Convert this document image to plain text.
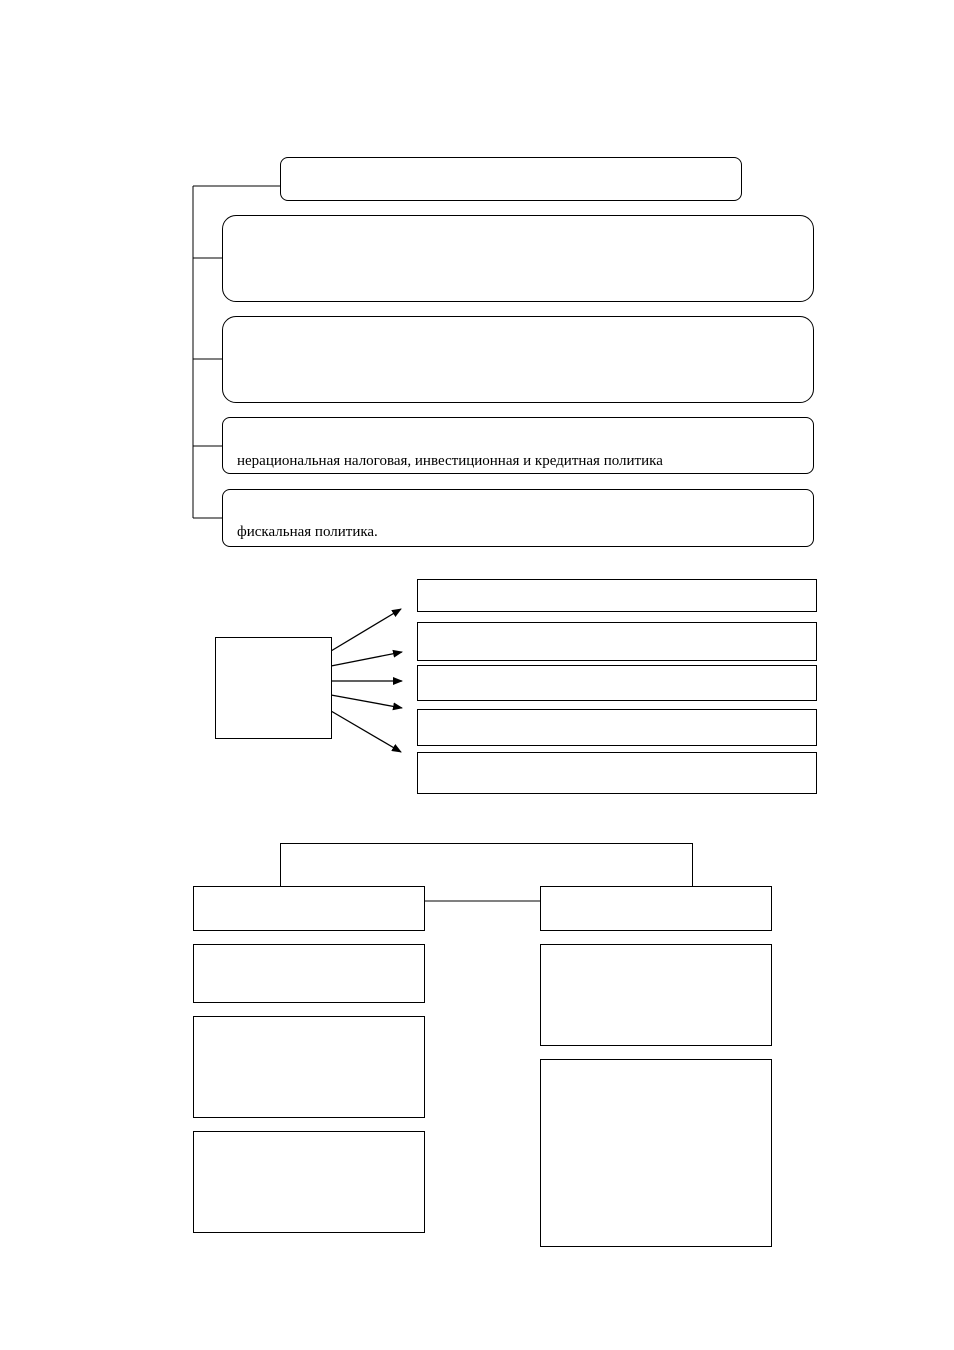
нерациональная налоговая, инвестиционная и кредитная политика
фискальная политика.
